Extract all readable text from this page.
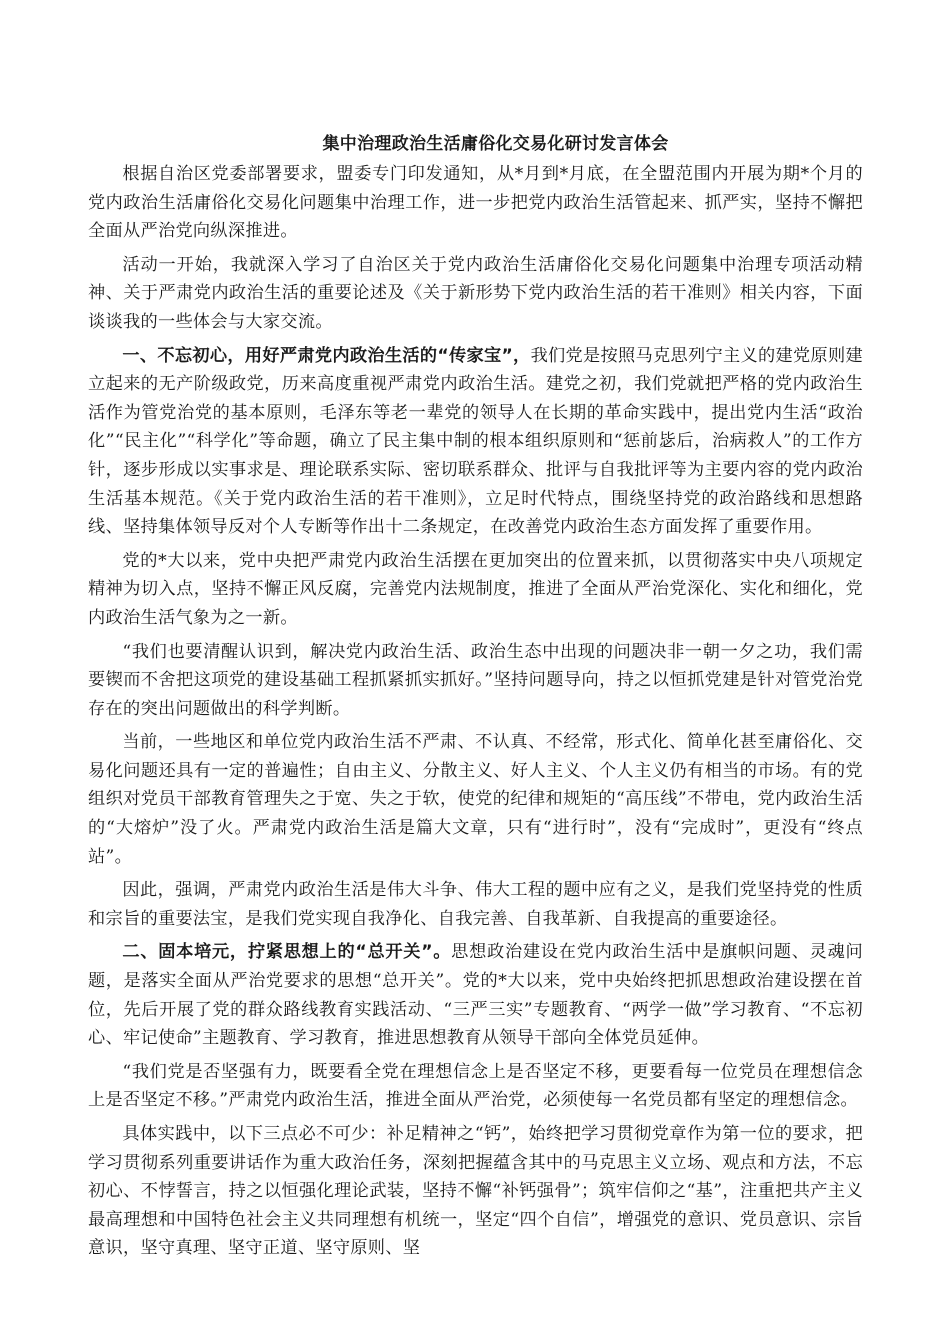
集中治理政治生活庸俗化交易化研讨发言体会

根据自治区党委部署要求，盟委专门印发通知，从*月到*月底，在全盟范围内开展为期*个月的党内政治生活庸俗化交易化问题集中治理工作，进一步把党内政治生活管起来、抓严实，坚持不懈把全面从严治党向纵深推进。

活动一开始，我就深入学习了自治区关于党内政治生活庸俗化交易化问题集中治理专项活动精神、关于严肃党内政治生活的重要论述及《关于新形势下党内政治生活的若干准则》相关内容，下面谈谈我的一些体会与大家交流。

一、不忘初心，用好严肃党内政治生活的“传家宝”，我们党是按照马克思列宁主义的建党原则建立起来的无产阶级政党，历来高度重视严肃党内政治生活。建党之初，我们党就把严格的党内政治生活作为管党治党的基本原则，毛泽东等老一辈党的领导人在长期的革命实践中，提出党内生活“政治化”“民主化”“科学化”等命题，确立了民主集中制的根本组织原则和“惩前毖后，治病救人”的工作方针，逐步形成以实事求是、理论联系实际、密切联系群众、批评与自我批评等为主要内容的党内政治生活基本规范。《关于党内政治生活的若干准则》，立足时代特点，围绕坚持党的政治路线和思想路线、坚持集体领导反对个人专断等作出十二条规定，在改善党内政治生态方面发挥了重要作用。

党的*大以来，党中央把严肃党内政治生活摆在更加突出的位置来抓，以贯彻落实中央八项规定精神为切入点，坚持不懈正风反腐，完善党内法规制度，推进了全面从严治党深化、实化和细化，党内政治生活气象为之一新。

“我们也要清醒认识到，解决党内政治生活、政治生态中出现的问题决非一朝一夕之功，我们需要锲而不舍把这项党的建设基础工程抓紧抓实抓好。”坚持问题导向，持之以恒抓党建是针对管党治党存在的突出问题做出的科学判断。

当前，一些地区和单位党内政治生活不严肃、不认真、不经常，形式化、简单化甚至庸俗化、交易化问题还具有一定的普遍性；自由主义、分散主义、好人主义、个人主义仍有相当的市场。有的党组织对党员干部教育管理失之于宽、失之于软，使党的纪律和规矩的“高压线”不带电，党内政治生活的“大熔炉”没了火。严肃党内政治生活是篇大文章，只有“进行时”，没有“完成时”，更没有“终点站”。

因此，强调，严肃党内政治生活是伟大斗争、伟大工程的题中应有之义，是我们党坚持党的性质和宗旨的重要法宝，是我们党实现自我净化、自我完善、自我革新、自我提高的重要途径。

二、固本培元，拧紧思想上的“总开关”。思想政治建设在党内政治生活中是旗帜问题、灵魂问题，是落实全面从严治党要求的思想“总开关”。党的*大以来，党中央始终把抓思想政治建设摆在首位，先后开展了党的群众路线教育实践活动、“三严三实”专题教育、“两学一做”学习教育、“不忘初心、牢记使命”主题教育、学习教育，推进思想教育从领导干部向全体党员延伸。

“我们党是否坚强有力，既要看全党在理想信念上是否坚定不移，更要看每一位党员在理想信念上是否坚定不移。”严肃党内政治生活，推进全面从严治党，必须使每一名党员都有坚定的理想信念。

具体实践中，以下三点必不可少：补足精神之“钙”，始终把学习贯彻党章作为第一位的要求，把学习贯彻系列重要讲话作为重大政治任务，深刻把握蕴含其中的马克思主义立场、观点和方法，不忘初心、不悖誓言，持之以恒强化理论武装，坚持不懈“补钙强骨”；筑牢信仰之“基”，注重把共产主义最高理想和中国特色社会主义共同理想有机统一，坚定“四个自信”，增强党的意识、党员意识、宗旨意识，坚守真理、坚守正道、坚守原则、坚
